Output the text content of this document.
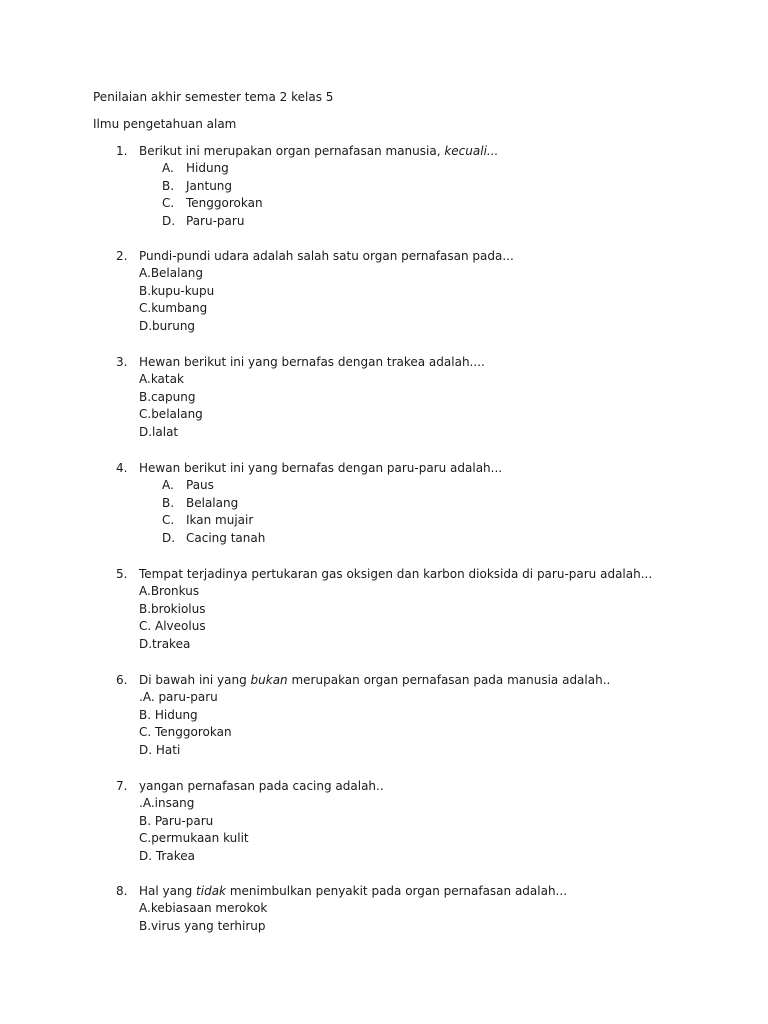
Penilaian akhir semester tema 2 kelas 5
Ilmu pengetahuan alam
1. Berikut ini merupakan organ pernafasan manusia, kecuali...
A. Hidung
B. Jantung
C. Tenggorokan
D. Paru-paru
2. Pundi-pundi udara adalah salah satu organ pernafasan pada...
A.Belalang
B.kupu-kupu
C.kumbang
D.burung
3. Hewan berikut ini yang bernafas dengan trakea adalah....
A.katak
B.capung
C.belalang
D.lalat
4. Hewan berikut ini yang bernafas dengan paru-paru adalah...
A. Paus
B. Belalang
C. Ikan mujair
D. Cacing tanah
5. Tempat terjadinya pertukaran gas oksigen dan karbon dioksida di paru-paru adalah...
A.Bronkus
B.brokiolus
C. Alveolus
D.trakea
6. Di bawah ini yang bukan merupakan organ pernafasan pada manusia adalah..
.A. paru-paru
B. Hidung
C. Tenggorokan
D. Hati
7. yangan pernafasan pada cacing adalah..
.A.insang
B. Paru-paru
C.permukaan kulit
D. Trakea
8. Hal yang tidak menimbulkan penyakit pada organ pernafasan adalah...
A.kebiasaan merokok
B.virus yang terhirup
